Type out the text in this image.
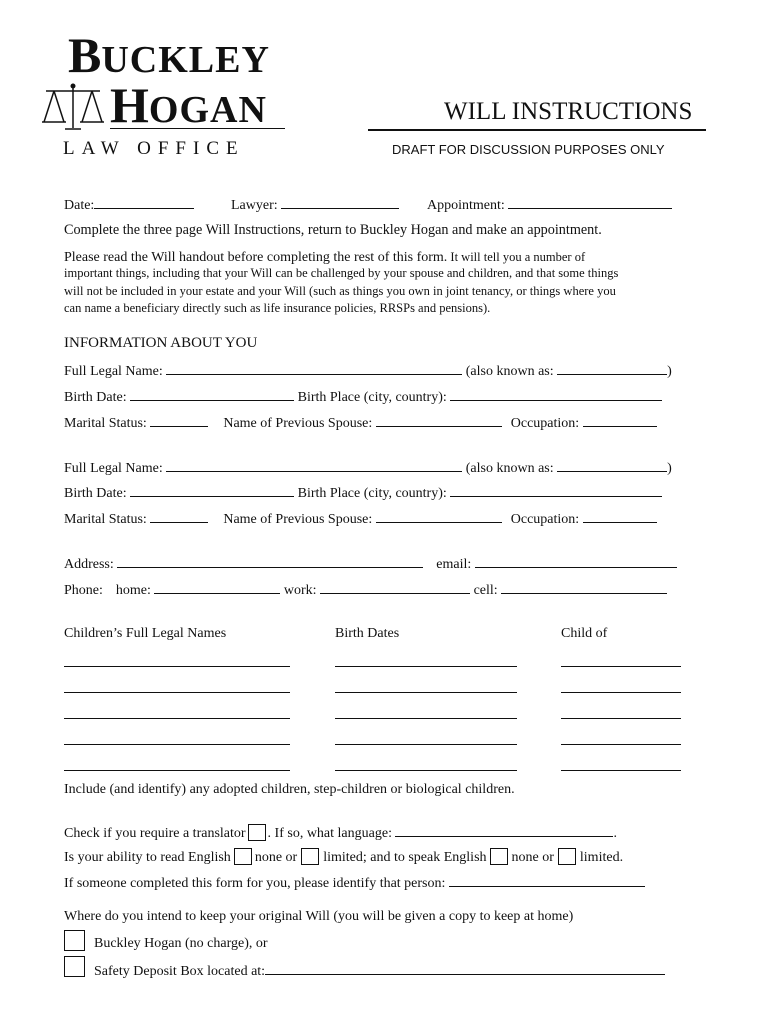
BUCKLEY
HOGAN
LAW OFFICE
WILL INSTRUCTIONS
DRAFT FOR DISCUSSION PURPOSES ONLY
Date:	Lawyer:	Appointment:
Complete the three page Will Instructions, return to Buckley Hogan and make an appointment.
Please read the Will handout before completing the rest of this form. It will tell you a number of
important things, including that your Will can be challenged by your spouse and children, and that some things
will not be included in your estate and your Will (such as things you own in joint tenancy, or things where you
can name a beneficiary directly such as life insurance policies, RRSPs and pensions).
INFORMATION ABOUT YOU
Full Legal Name:	(also known as:	)
Birth Date:	Birth Place (city, country):
Marital Status:	Name of Previous Spouse:	Occupation:
Full Legal Name:	(also known as:	)
Birth Date:	Birth Place (city, country):
Marital Status:	Name of Previous Spouse:	Occupation:
Address:	email:
Phone: home:	work:	cell:
Children’s Full Legal Names	Birth Dates	Child of
Include (and identify) any adopted children, step-children or biological children.
Check if you require a translator . If so, what language:	.
Is your ability to read English none or limited; and to speak English none or limited.
If someone completed this form for you, please identify that person:
Where do you intend to keep your original Will (you will be given a copy to keep at home)
Buckley Hogan (no charge), or
Safety Deposit Box located at:
